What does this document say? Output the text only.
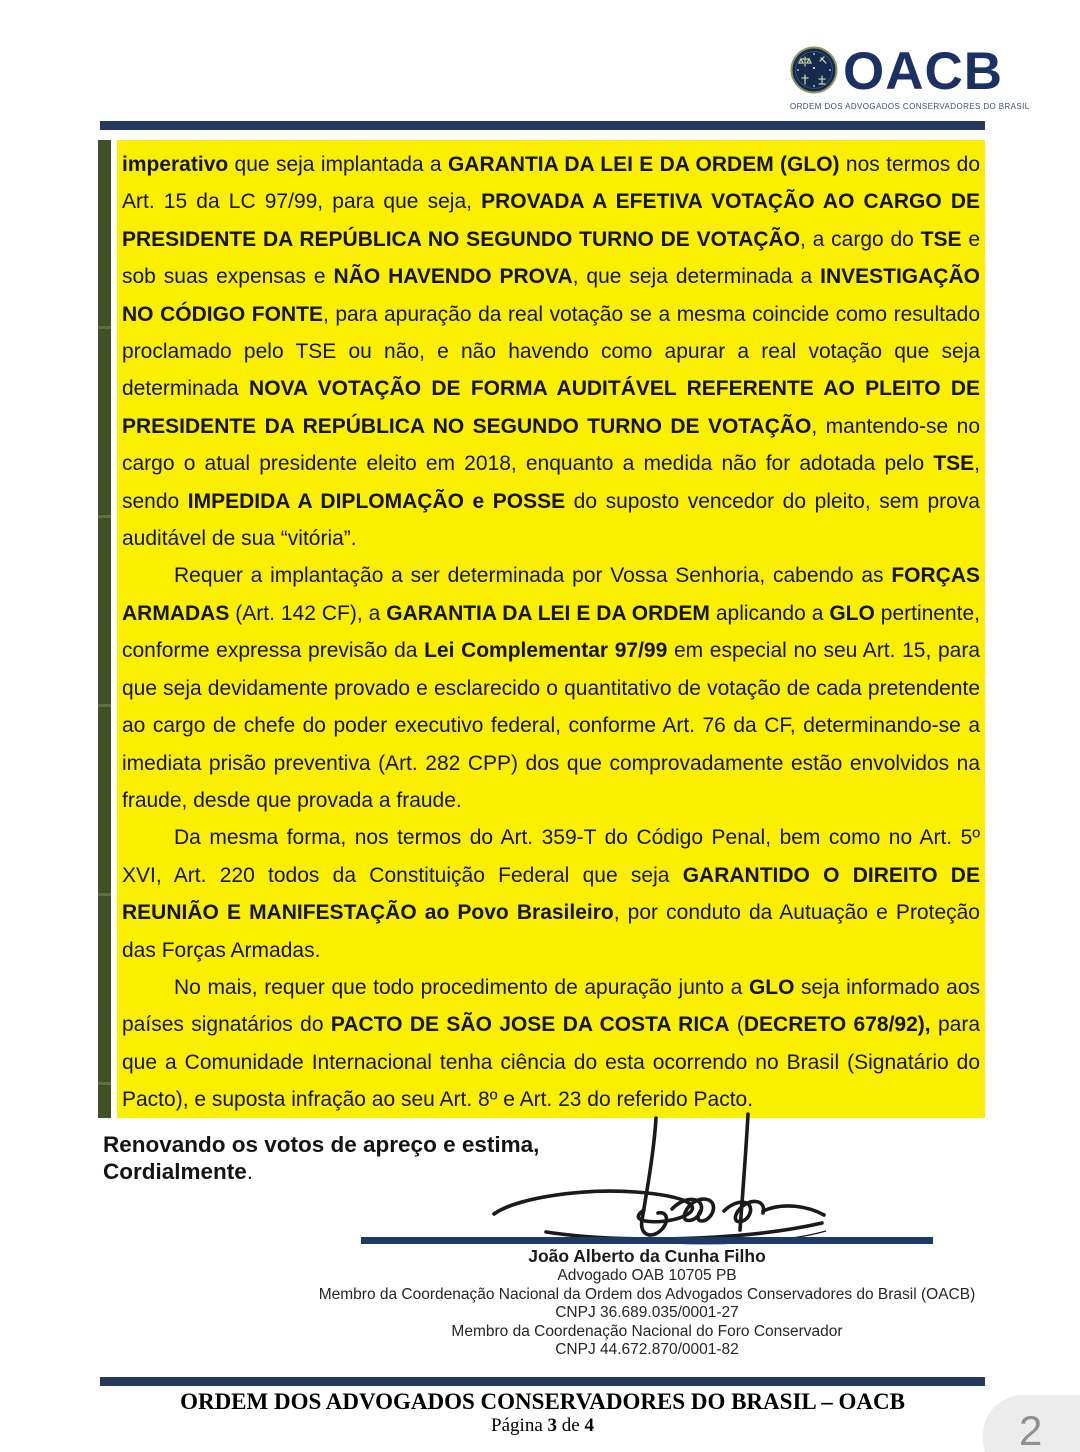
OACB
ORDEM DOS ADVOGADOS CONSERVADORES DO BRASIL

imperativo que seja implantada a GARANTIA DA LEI E DA ORDEM (GLO) nos termos do Art. 15 da LC 97/99, para que seja, PROVADA A EFETIVA VOTAÇÃO AO CARGO DE PRESIDENTE DA REPÚBLICA NO SEGUNDO TURNO DE VOTAÇÃO, a cargo do TSE e sob suas expensas e NÃO HAVENDO PROVA, que seja determinada a INVESTIGAÇÃO NO CÓDIGO FONTE, para apuração da real votação se a mesma coincide como resultado proclamado pelo TSE ou não, e não havendo como apurar a real votação que seja determinada NOVA VOTAÇÃO DE FORMA AUDITÁVEL REFERENTE AO PLEITO DE PRESIDENTE DA REPÚBLICA NO SEGUNDO TURNO DE VOTAÇÃO, mantendo-se no cargo o atual presidente eleito em 2018, enquanto a medida não for adotada pelo TSE, sendo IMPEDIDA A DIPLOMAÇÃO e POSSE do suposto vencedor do pleito, sem prova auditável de sua “vitória”.

Requer a implantação a ser determinada por Vossa Senhoria, cabendo as FORÇAS ARMADAS (Art. 142 CF), a GARANTIA DA LEI E DA ORDEM aplicando a GLO pertinente, conforme expressa previsão da Lei Complementar 97/99 em especial no seu Art. 15, para que seja devidamente provado e esclarecido o quantitativo de votação de cada pretendente ao cargo de chefe do poder executivo federal, conforme Art. 76 da CF, determinando-se a imediata prisão preventiva (Art. 282 CPP) dos que comprovadamente estão envolvidos na fraude, desde que provada a fraude.

Da mesma forma, nos termos do Art. 359-T do Código Penal, bem como no Art. 5º XVI, Art. 220 todos da Constituição Federal que seja GARANTIDO O DIREITO DE REUNIÃO E MANIFESTAÇÃO ao Povo Brasileiro, por conduto da Autuação e Proteção das Forças Armadas.

No mais, requer que todo procedimento de apuração junto a GLO seja informado aos países signatários do PACTO DE SÃO JOSE DA COSTA RICA (DECRETO 678/92), para que a Comunidade Internacional tenha ciência do esta ocorrendo no Brasil (Signatário do Pacto), e suposta infração ao seu Art. 8º e Art. 23 do referido Pacto.

Renovando os votos de apreço e estima,
Cordialmente.
João Alberto da Cunha Filho
Advogado OAB 10705 PB
Membro da Coordenação Nacional da Ordem dos Advogados Conservadores do Brasil (OACB)
CNPJ 36.689.035/0001-27
Membro da Coordenação Nacional do Foro Conservador
CNPJ 44.672.870/0001-82
ORDEM DOS ADVOGADOS CONSERVADORES DO BRASIL – OACB
Página 3 de 4	2
